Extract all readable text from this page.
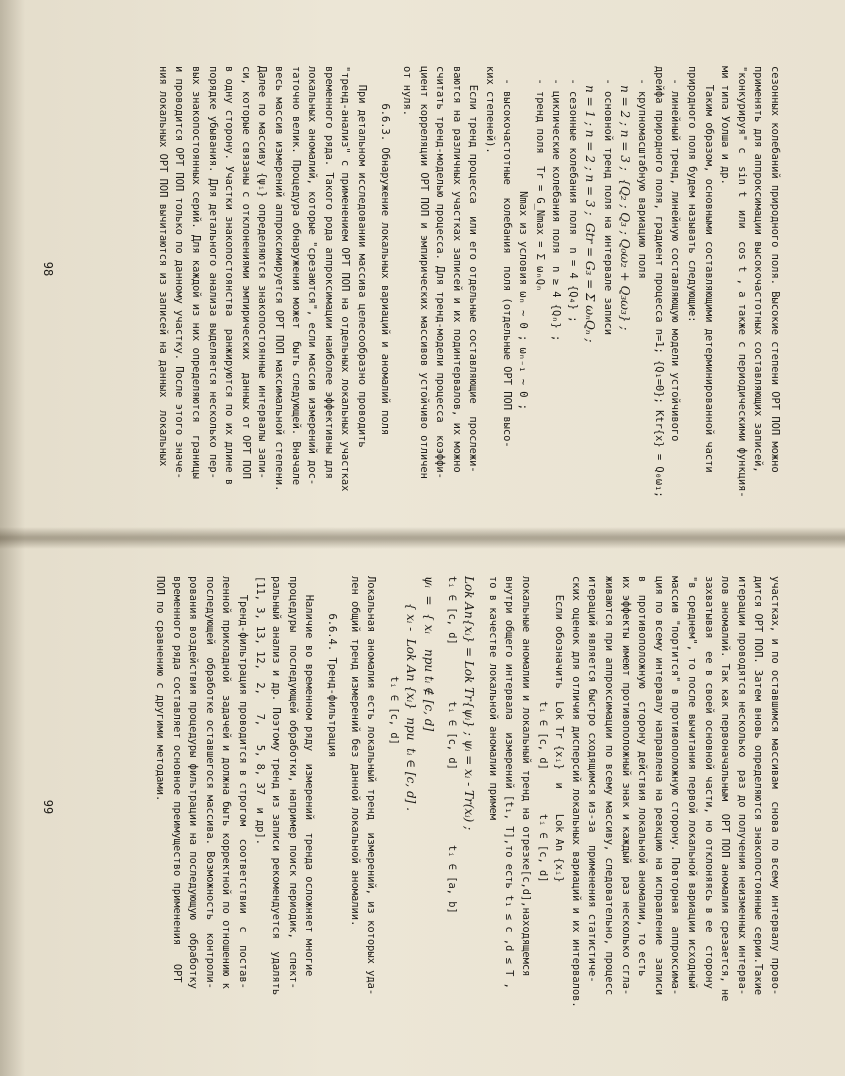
сезонных колебаний природного поля. Высокие степени ОРТ ПОП можно
применять для аппроксимации высокочастотных составляющих записей,
"конкурируя" с  sin t  или  cos t , а также с периодическими функция-
ми типа Уолша и др.
Таким образом, основными составляющими детерминированной части
природного поля будем называть следующие:
- линейный тренд, линейную составляющую модели устойчивого
дрейфа природного поля, градиент процесса n=1; {Q₁=0}; Ktr{x} = Q₀ω₁;
- крупномасштабную вариацию поля
n = 2 ; n = 3 ;  {Q₂ ; Q₃ ; Q₀ω₂ + Q₃ω₃} ;
- основной тренд поля на интервале записи
n = 1 ; n = 2 ; n = 3 ;  Gtr = G₃ = Σ ωₙQₙ ;
- сезонные колебания поля  n = 4 {Q₄} ;
- циклические колебания поля  n ≥ 4 {Qₙ} ;
- тренд поля  Tr = G_Nmax = Σ ωₙQₙ
Nmax из условия ωₙ ~ 0 ; ωₙ₋₁ ~ 0 ;
- высокочастотные  колебания  поля (отдельные ОРТ ПОП высо-
ких степеней).
Если тренд процесса  или его отдельные составляющие  прослежи-
ваются на различных участках записей и их подинтервалов, их можно
считать тренд-моделью процесса. Для тренд-модели процесса  коэффи-
циент корреляции ОРТ ПОП и эмпирических массивов устойчиво отличен
от нуля.
6.6.3. Обнаружение локальных вариаций и аномалий поля
При детальном исследовании массива целесообразно проводить
"тренд-анализ" с применением ОРТ ПОП на отдельных локальных участках
временного ряда. Такого рода аппроксимации наиболее эффективны для
локальных аномалий, которые "срезаются", если массив измерений дос-
таточно велик. Процедура обнаружения может  быть следующей. Вначале
весь массив измерений аппроксимируется ОРТ ПОП максимальной степени.
Далее по массиву {ψᵢ} определяются знакопостоянные интервалы запи-
си, которые связаны с отклонениями эмпирических  данных от ОРТ ПОП
в одну сторону. Участки знакопостоянства  ранжируются по их длине в
порядке убывания. Для детального анализа выделяется несколько пер-
вых знакопостоянных серий. Для каждой из них определяются  границы
и проводится ОРТ ПОП только по данному участку. После этого значе-
ния локальных ОРТ ПОП вычитаются из записей на данных  локальных
98
участках, и по оставшимся массивам  снова по всему интервалу прово-
дится ОРТ ПОП. Затем вновь определяются знакопостоянные серии.Такие
итерации проводятся несколько  раз до получения неизменных интерва-
лов аномалий. Так как первоначальным  ОРТ ПОП аномалия срезается, не
захватывая  ее в своей основной части, но отклоняясь в ее  сторону
"в среднем", то после вычитания первой локальной вариации исходный
массив "портится" в противоположную сторону. Повторная  аппроксима-
ция по всему интервалу направлена на реакцию на исправление  записи
в  противоположную  сторону действия локальной аномалии, то есть
их эффекты имеют противоположный знак и каждый  раз несколько сгла-
живаются при аппроксимации по всему массиву, следовательно, процесс
итераций является быстро сходящимся из-за  применения статистиче-
ских оценок для отличия дисперсий локальных вариаций и их интервалов.
Если обозначить  Lok Tr {xᵢ}  и    Lok An {xᵢ}
tᵢ ∈ [c, d]       tᵢ ∈ [c, d]
локальные аномалии и локальный тренд на отрезке[c,d],находящемся
внутри общего интервала  измерений [t₁, T],то есть t₁ ≤ c ,d ≤ T ,
то в качестве локальной аномалии примем
Lok An{xᵢ} = Lok Tr{ψᵢ} ; ψᵢ = xᵢ - Tr(xᵢ) ;
tᵢ ∈ [c, d]         tᵢ ∈ [c, d]            tᵢ ∈ [a, b]
ψᵢ  =  { xᵢ    при tᵢ ∉ [c, d]
{ xᵢ -  Lok An {xᵢ}  при  tᵢ ∈ [c, d] .
tᵢ ∈ [c, d]
Локальная аномалия есть локальный тренд  измерений, из которых уда-
лен общий тренд измерений без данной локальной аномалии.
6.6.4. Тренд-фильтрация
Наличие во временном ряду  измерений  тренда осложняет многие
процедуры  последующей обработки, например поиск периодик,  спект-
ральный анализ и др. Поэтому тренд из записи рекомендуется  удалять
[11, 3, 13, 12,  2,   7,   5, 8, 37  и др].
Тренд-фильтрация проводится в строгом  соответствии  с  постав-
ленной прикладной  задачей и должна быть корректной по отношению к
последующей  обработке оставшегося массива. Возможность  контроли-
рования воздействия процедуры фильтрации на последующую  обработку
временного ряда составляет основное преимущество применения   ОРТ
ПОП по сравнению с другими методами.
99
